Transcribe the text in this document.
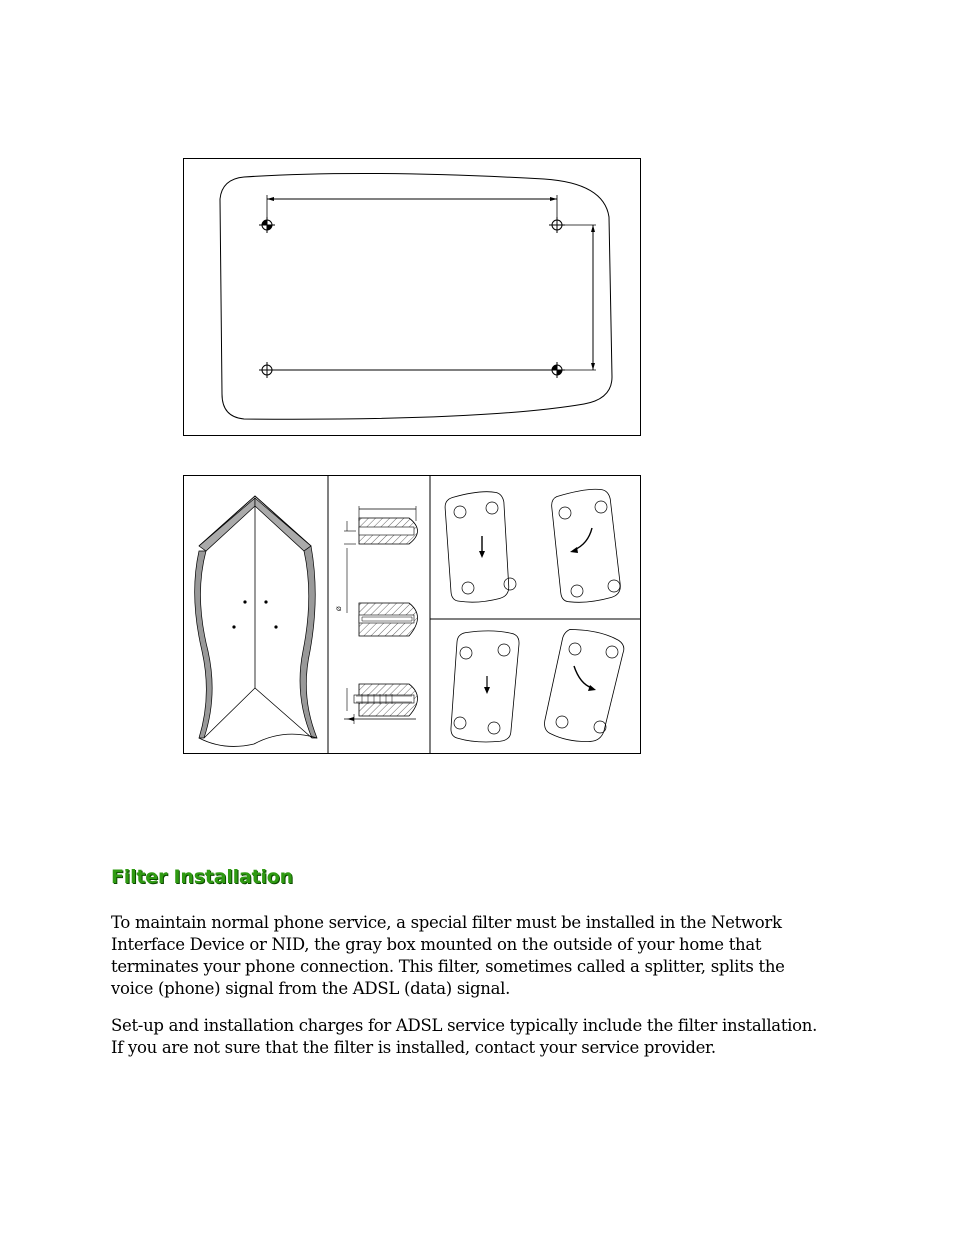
Ø
Filter Installation

To maintain normal phone service, a special filter must be installed in the Network Interface Device or NID, the gray box mounted on the outside of your home that terminates your phone connection. This filter, sometimes called a splitter, splits the voice (phone) signal from the ADSL (data) signal.

Set-up and installation charges for ADSL service typically include the filter installation. If you are not sure that the filter is installed, contact your service provider.
